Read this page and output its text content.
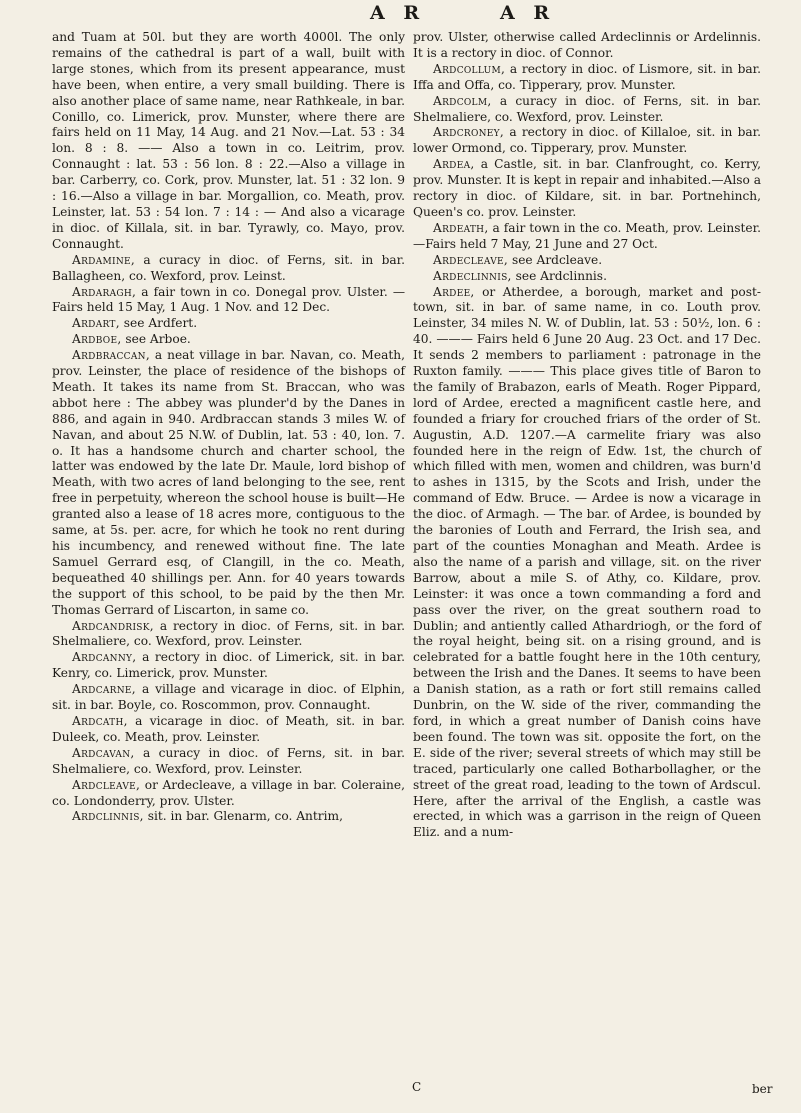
A R	A R

and Tuam at 50l. but they are worth 4000l. The only remains of the cathedral is part of a wall, built with large stones, which from its present appearance, must have been, when entire, a very small building. There is also another place of same name, near Rathkeale, in bar. Conillo, co. Limerick, prov. Munster, where there are fairs held on 11 May, 14 Aug. and 21 Nov.—Lat. 53 : 34 lon. 8 : 8. —— Also a town in co. Leitrim, prov. Connaught : lat. 53 : 56 lon. 8 : 22.—Also a village in bar. Carberry, co. Cork, prov. Munster, lat. 51 : 32 lon. 9 : 16.—Also a village in bar. Morgallion, co. Meath, prov. Leinster, lat. 53 : 54 lon. 7 : 14 : — And also a vicarage in dioc. of Killala, sit. in bar. Tyrawly, co. Mayo, prov. Connaught.

Ardamine, a curacy in dioc. of Ferns, sit. in bar. Ballagheen, co. Wexford, prov. Leinst.

Ardaragh, a fair town in co. Donegal prov. Ulster. — Fairs held 15 May, 1 Aug. 1 Nov. and 12 Dec.

Ardart, see Ardfert.

Ardboe, see Arboe.

Ardbraccan, a neat village in bar. Navan, co. Meath, prov. Leinster, the place of residence of the bishops of Meath. It takes its name from St. Braccan, who was abbot here : The abbey was plunder'd by the Danes in 886, and again in 940. Ardbraccan stands 3 miles W. of Navan, and about 25 N.W. of Dublin, lat. 53 : 40, lon. 7. o. It has a handsome church and charter school, the latter was endowed by the late Dr. Maule, lord bishop of Meath, with two acres of land belonging to the see, rent free in perpetuity, whereon the school house is built—He granted also a lease of 18 acres more, contiguous to the same, at 5s. per. acre, for which he took no rent during his incumbency, and renewed without fine. The late Samuel Gerrard esq, of Clangill, in the co. Meath, bequeathed 40 shillings per. Ann. for 40 years towards the support of this school, to be paid by the then Mr. Thomas Gerrard of Liscarton, in same co.

Ardcandrisk, a rectory in dioc. of Ferns, sit. in bar. Shelmaliere, co. Wexford, prov. Leinster.

Ardcanny, a rectory in dioc. of Limerick, sit. in bar. Kenry, co. Limerick, prov. Munster.

Ardcarne, a village and vicarage in dioc. of Elphin, sit. in bar. Boyle, co. Roscommon, prov. Connaught.

Ardcath, a vicarage in dioc. of Meath, sit. in bar. Duleek, co. Meath, prov. Leinster.

Ardcavan, a curacy in dioc. of Ferns, sit. in bar. Shelmaliere, co. Wexford, prov. Leinster.

Ardcleave, or Ardecleave, a village in bar. Coleraine, co. Londonderry, prov. Ulster.

Ardclinnis, sit. in bar. Glenarm, co. Antrim,

prov. Ulster, otherwise called Ardeclinnis or Ardelinnis. It is a rectory in dioc. of Connor.

Ardcollum, a rectory in dioc. of Lismore, sit. in bar. Iffa and Offa, co. Tipperary, prov. Munster.

Ardcolm, a curacy in dioc. of Ferns, sit. in bar. Shelmaliere, co. Wexford, prov. Leinster.

Ardcroney, a rectory in dioc. of Killaloe, sit. in bar. lower Ormond, co. Tipperary, prov. Munster.

Ardea, a Castle, sit. in bar. Clanfrought, co. Kerry, prov. Munster. It is kept in repair and inhabited.—Also a rectory in dioc. of Kildare, sit. in bar. Portnehinch, Queen's co. prov. Leinster.

Ardeath, a fair town in the co. Meath, prov. Leinster.—Fairs held 7 May, 21 June and 27 Oct.

Ardecleave, see Ardcleave.

Ardeclinnis, see Ardclinnis.

Ardee, or Atherdee, a borough, market and post-town, sit. in bar. of same name, in co. Louth prov. Leinster, 34 miles N. W. of Dublin, lat. 53 : 50½, lon. 6 : 40. ——— Fairs held 6 June 20 Aug. 23 Oct. and 17 Dec. It sends 2 members to parliament : patronage in the Ruxton family. ——— This place gives title of Baron to the family of Brabazon, earls of Meath. Roger Pippard, lord of Ardee, erected a magnificent castle here, and founded a friary for crouched friars of the order of St. Augustin, A.D. 1207.—A carmelite friary was also founded here in the reign of Edw. 1st, the church of which filled with men, women and children, was burn'd to ashes in 1315, by the Scots and Irish, under the command of Edw. Bruce. — Ardee is now a vicarage in the dioc. of Armagh. — The bar. of Ardee, is bounded by the baronies of Louth and Ferrard, the Irish sea, and part of the counties Monaghan and Meath. Ardee is also the name of a parish and village, sit. on the river Barrow, about a mile S. of Athy, co. Kildare, prov. Leinster: it was once a town commanding a ford and pass over the river, on the great southern road to Dublin; and antiently called Athardriogh, or the ford of the royal height, being sit. on a rising ground, and is celebrated for a battle fought here in the 10th century, between the Irish and the Danes. It seems to have been a Danish station, as a rath or fort still remains called Dunbrin, on the W. side of the river, commanding the ford, in which a great number of Danish coins have been found. The town was sit. opposite the fort, on the E. side of the river; several streets of which may still be traced, particularly one called Botharbollagher, or the street of the great road, leading to the town of Ardscul. Here, after the arrival of the English, a castle was erected, in which was a garrison in the reign of Queen Eliz. and a num-

C	ber
